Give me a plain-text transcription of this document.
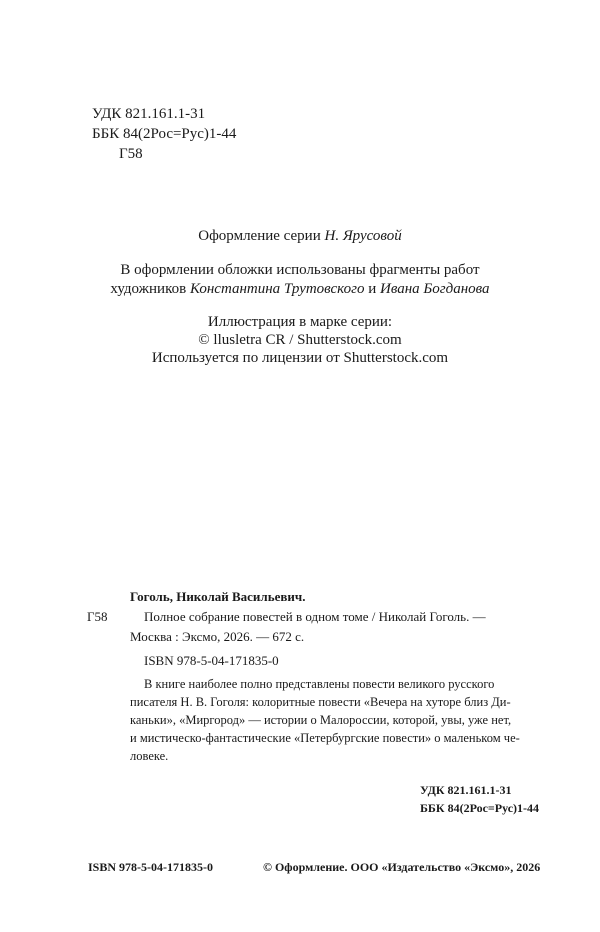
УДК 821.161.1-31
ББК 84(2Рос=Рус)1-44
Г58
Оформление серии Н. Ярусовой
В оформлении обложки использованы фрагменты работ
художников Константина Трутовского и Ивана Богданова
Иллюстрация в марке серии:
© llusletra CR / Shutterstock.com
Используется по лицензии от Shutterstock.com
Гоголь, Николай Васильевич.
Г58	Полное собрание повестей в одном томе / Николай Гоголь. —
Москва : Эксмо, 2026. — 672 с.
ISBN 978-5-04-171835-0
В книге наиболее полно представлены повести великого русского
писателя Н. В. Гоголя: колоритные повести «Вечера на хуторе близ Ди-
каньки», «Миргород» — истории о Малороссии, которой, увы, уже нет,
и мистическо-фантастические «Петербургские повести» о маленьком че-
ловеке.
УДК 821.161.1-31
ББК 84(2Рос=Рус)1-44
ISBN 978-5-04-171835-0	© Оформление. ООО «Издательство «Эксмо», 2026
